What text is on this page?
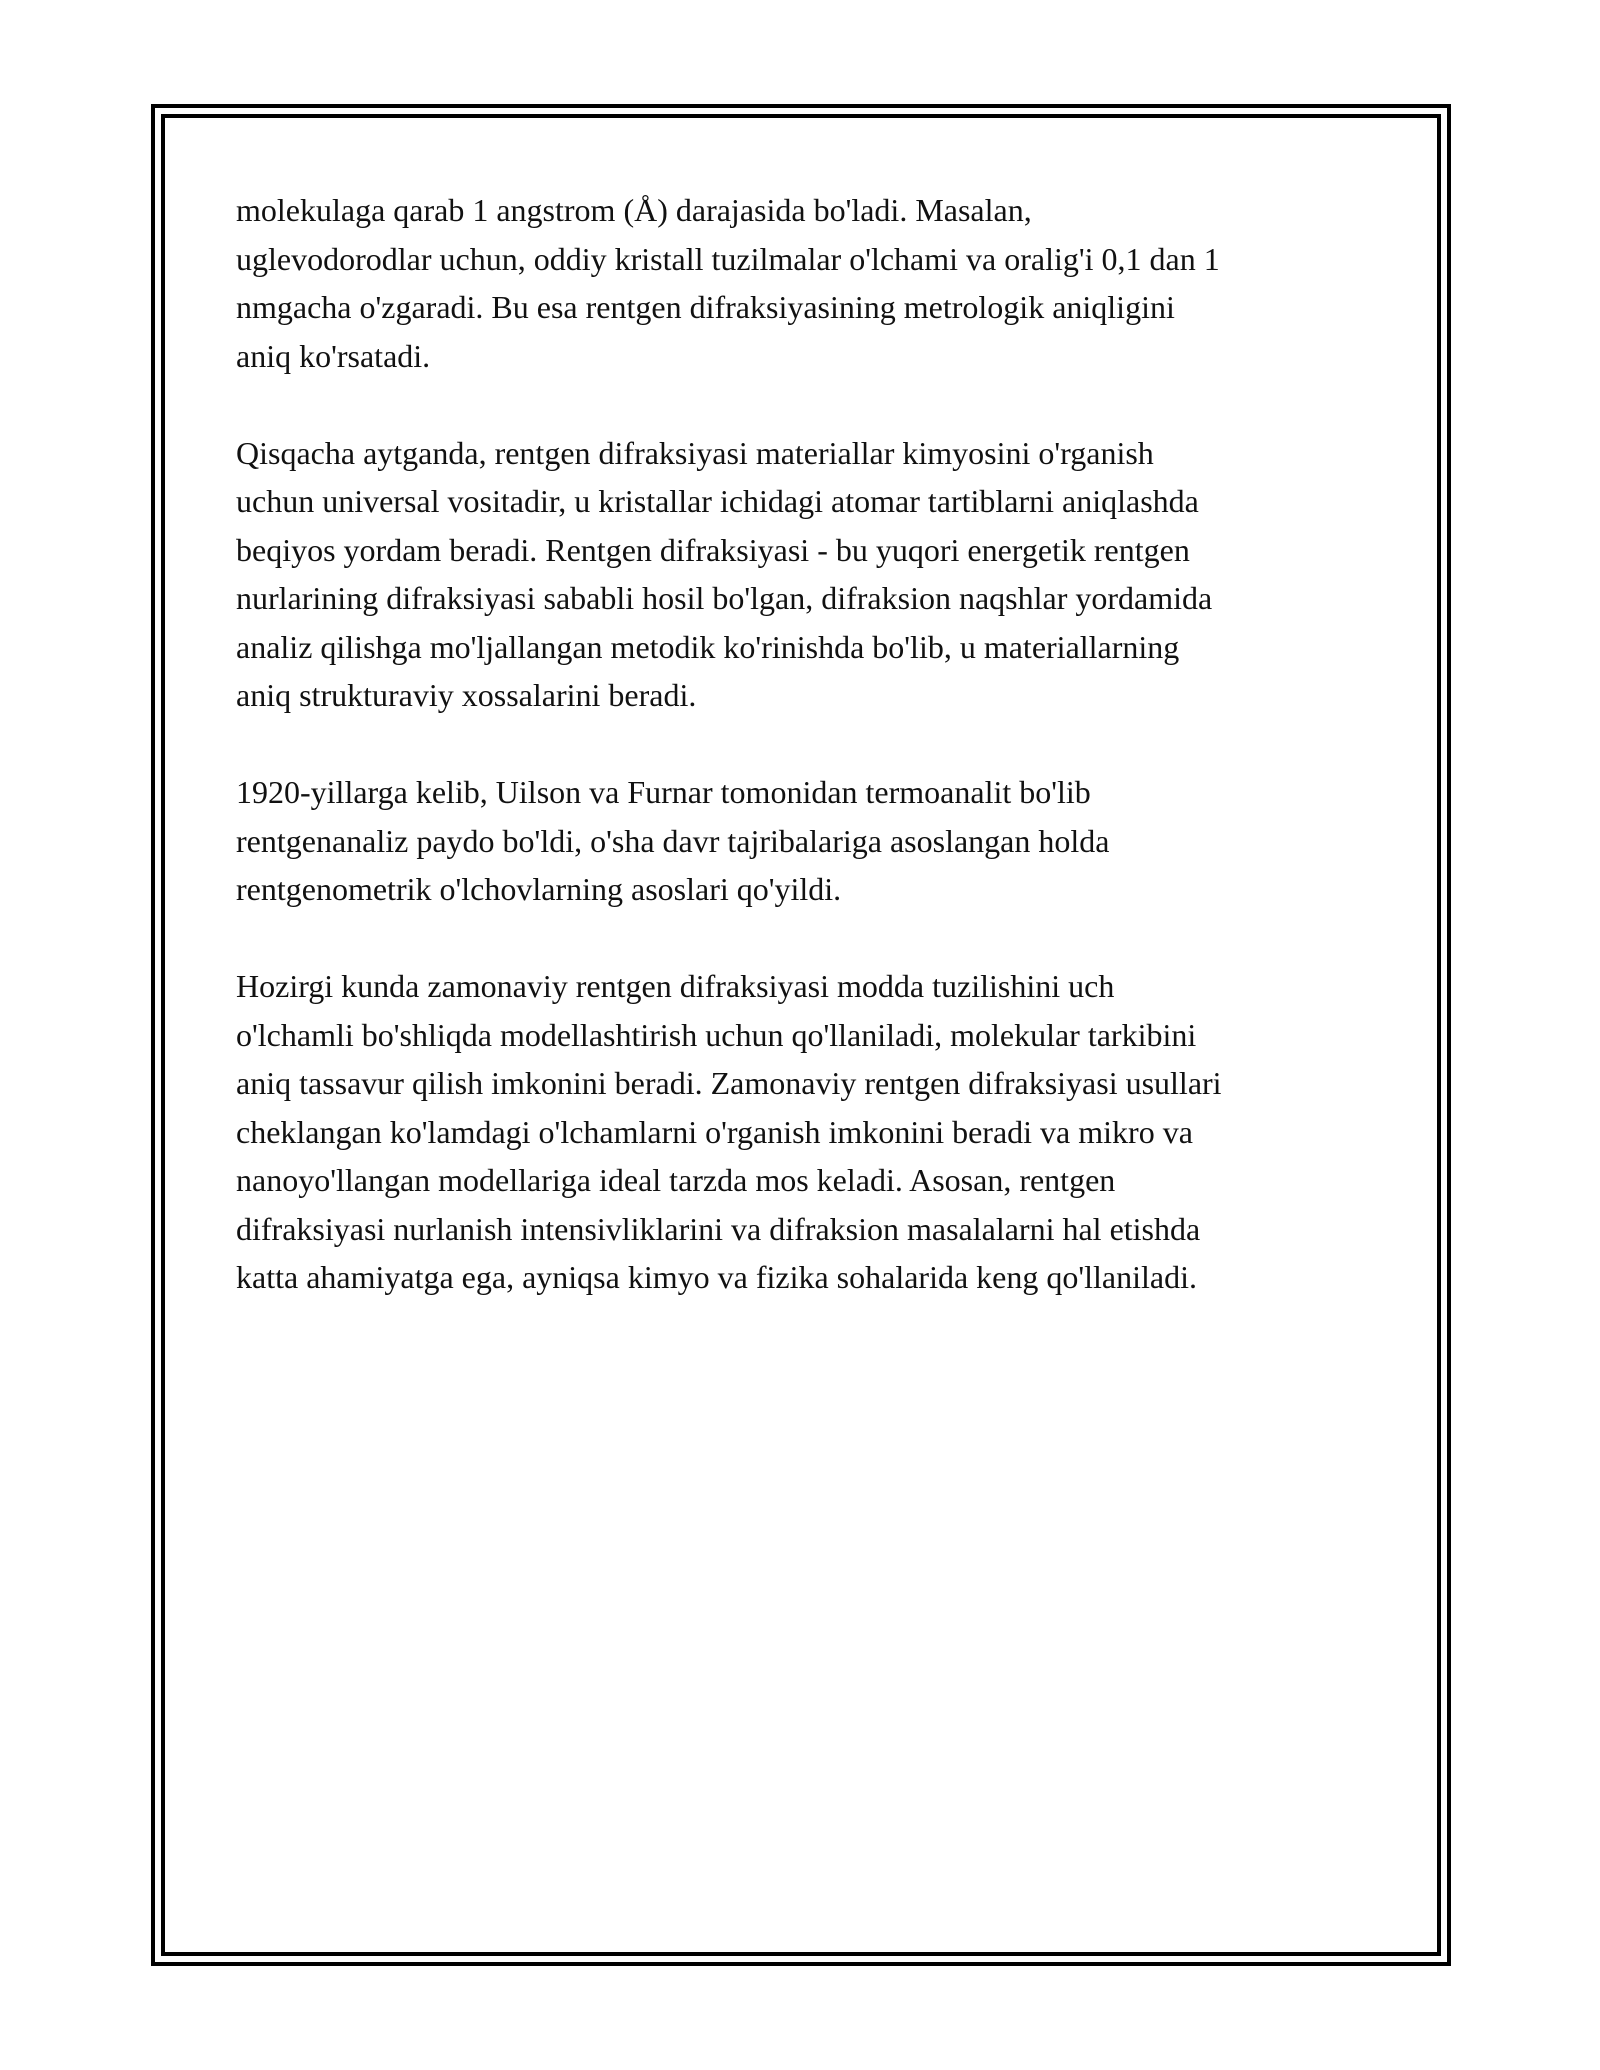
molekulaga qarab 1 angstrom (Å) darajasida bo'ladi. Masalan,
uglevodorodlar uchun, oddiy kristall tuzilmalar o'lchami va oralig'i 0,1 dan 1
nmgacha o'zgaradi. Bu esa rentgen difraksiyasining metrologik aniqligini
aniq ko'rsatadi.

Qisqacha aytganda, rentgen difraksiyasi materiallar kimyosini o'rganish
uchun universal vositadir, u kristallar ichidagi atomar tartiblarni aniqlashda
beqiyos yordam beradi. Rentgen difraksiyasi - bu yuqori energetik rentgen
nurlarining difraksiyasi sababli hosil bo'lgan, difraksion naqshlar yordamida
analiz qilishga mo'ljallangan metodik ko'rinishda bo'lib, u materiallarning
aniq strukturaviy xossalarini beradi.

1920-yillarga kelib, Uilson va Furnar tomonidan termoanalit bo'lib
rentgenanaliz paydo bo'ldi, o'sha davr tajribalariga asoslangan holda
rentgenometrik o'lchovlarning asoslari qo'yildi.

Hozirgi kunda zamonaviy rentgen difraksiyasi modda tuzilishini uch
o'lchamli bo'shliqda modellashtirish uchun qo'llaniladi, molekular tarkibini
aniq tassavur qilish imkonini beradi. Zamonaviy rentgen difraksiyasi usullari
cheklangan ko'lamdagi o'lchamlarni o'rganish imkonini beradi va mikro va
nanoyo'llangan modellariga ideal tarzda mos keladi. Asosan, rentgen
difraksiyasi nurlanish intensivliklarini va difraksion masalalarni hal etishda
katta ahamiyatga ega, ayniqsa kimyo va fizika sohalarida keng qo'llaniladi.
